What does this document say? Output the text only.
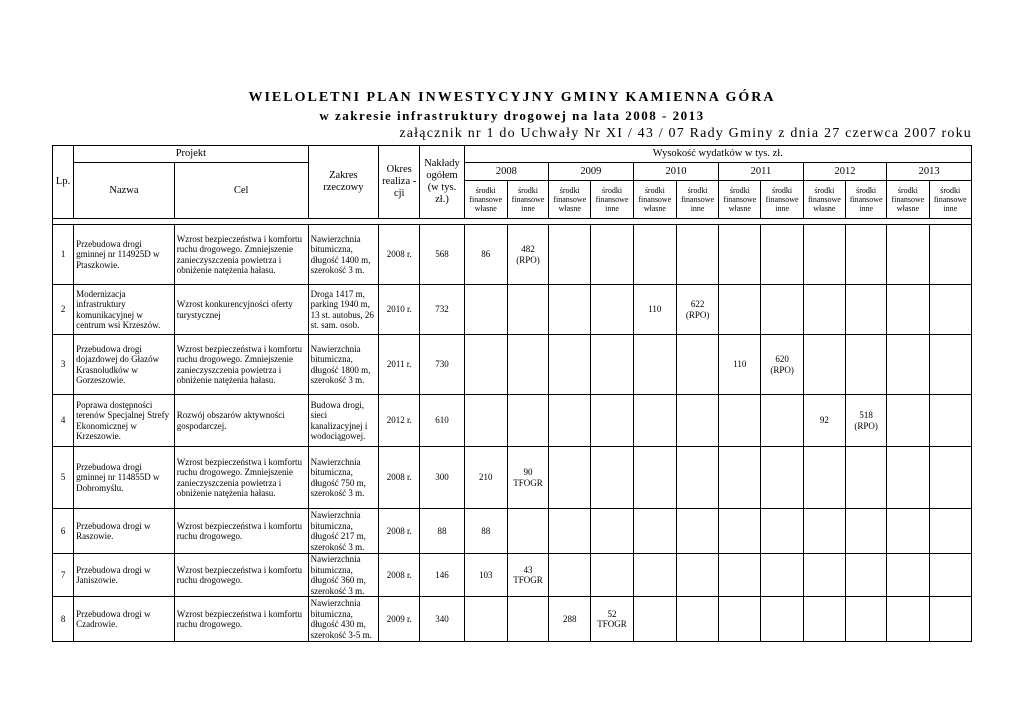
WIELOLETNI PLAN INWESTYCYJNY GMINY KAMIENNA GÓRA
w zakresie infrastruktury drogowej na lata 2008 - 2013
załącznik nr 1 do Uchwały Nr XI / 43 / 07 Rady Gminy z dnia 27 czerwca 2007 roku
Lp.	Projekt		Zakres rzeczowy	Okres realiza - cji	Nakłady ogółem (w tys. zł.)	Wysokość wydatków w tys. zł.											
	Nazwa	Cel				2008		2009		2010		2011		2012		2013	
						środki finansowe własne	środki finansowe inne	środki finansowe własne	środki finansowe inne	środki finansowe własne	środki finansowe inne	środki finansowe własne	środki finansowe inne	środki finansowe własne	środki finansowe inne	środki finansowe własne	środki finansowe inne

1	Przebudowa drogi gminnej nr 114925D w Ptaszkowie.	Wzrost bezpieczeństwa i komfortu ruchu drogowego. Zmniejszenie zanieczyszczenia powietrza i obniżenie natężenia hałasu.	Nawierzchnia bitumiczna, długość 1400 m, szerokość 3 m.	2008 r.	568	86	482 (RPO)										
2	Modernizacja infrastruktury komunikacyjnej w centrum wsi Krzeszów.	Wzrost konkurencyjności oferty turystycznej	Droga 1417 m, parking 1940 m, 13 st. autobus, 26 st. sam. osob.	2010 r.	732					110	622 (RPO)						
3	Przebudowa drogi dojazdowej do Głazów Krasnoludków w Gorzeszowie.	Wzrost bezpieczeństwa i komfortu ruchu drogowego. Zmniejszenie zanieczyszczenia powietrza i obniżenie natężenia hałasu.	Nawierzchnia bitumiczna, długość 1800 m, szerokość 3 m.	2011 r.	730							110	620 (RPO)				
4	Poprawa dostępności terenów Specjalnej Strefy Ekonomicznej w Krzeszowie.	Rozwój obszarów aktywności gospodarczej.	Budowa drogi, sieci kanalizacyjnej i wodociągowej.	2012 r.	610									92	518 (RPO)		
5	Przebudowa drogi gminnej nr 114855D w Dobromyślu.	Wzrost bezpieczeństwa i komfortu ruchu drogowego. Zmniejszenie zanieczyszczenia powietrza i obniżenie natężenia hałasu.	Nawierzchnia bitumiczna, długość 750 m, szerokość 3 m.	2008 r.	300	210	90 TFOGR										
6	Przebudowa drogi w Raszowie.	Wzrost bezpieczeństwa i komfortu ruchu drogowego.	Nawierzchnia bitumiczna, długość 217 m, szerokość 3 m.	2008 r.	88	88											
7	Przebudowa drogi w Janiszowie.	Wzrost bezpieczeństwa i komfortu ruchu drogowego.	Nawierzchnia bitumiczna, długość 360 m, szerokość 3 m.	2008 r.	146	103	43 TFOGR										
8	Przebudowa drogi w Czadrowie.	Wzrost bezpieczeństwa i komfortu ruchu drogowego.	Nawierzchnia bitumiczna, długość 430 m, szerokość 3-5 m.	2009 r.	340			288	52 TFOGR								
